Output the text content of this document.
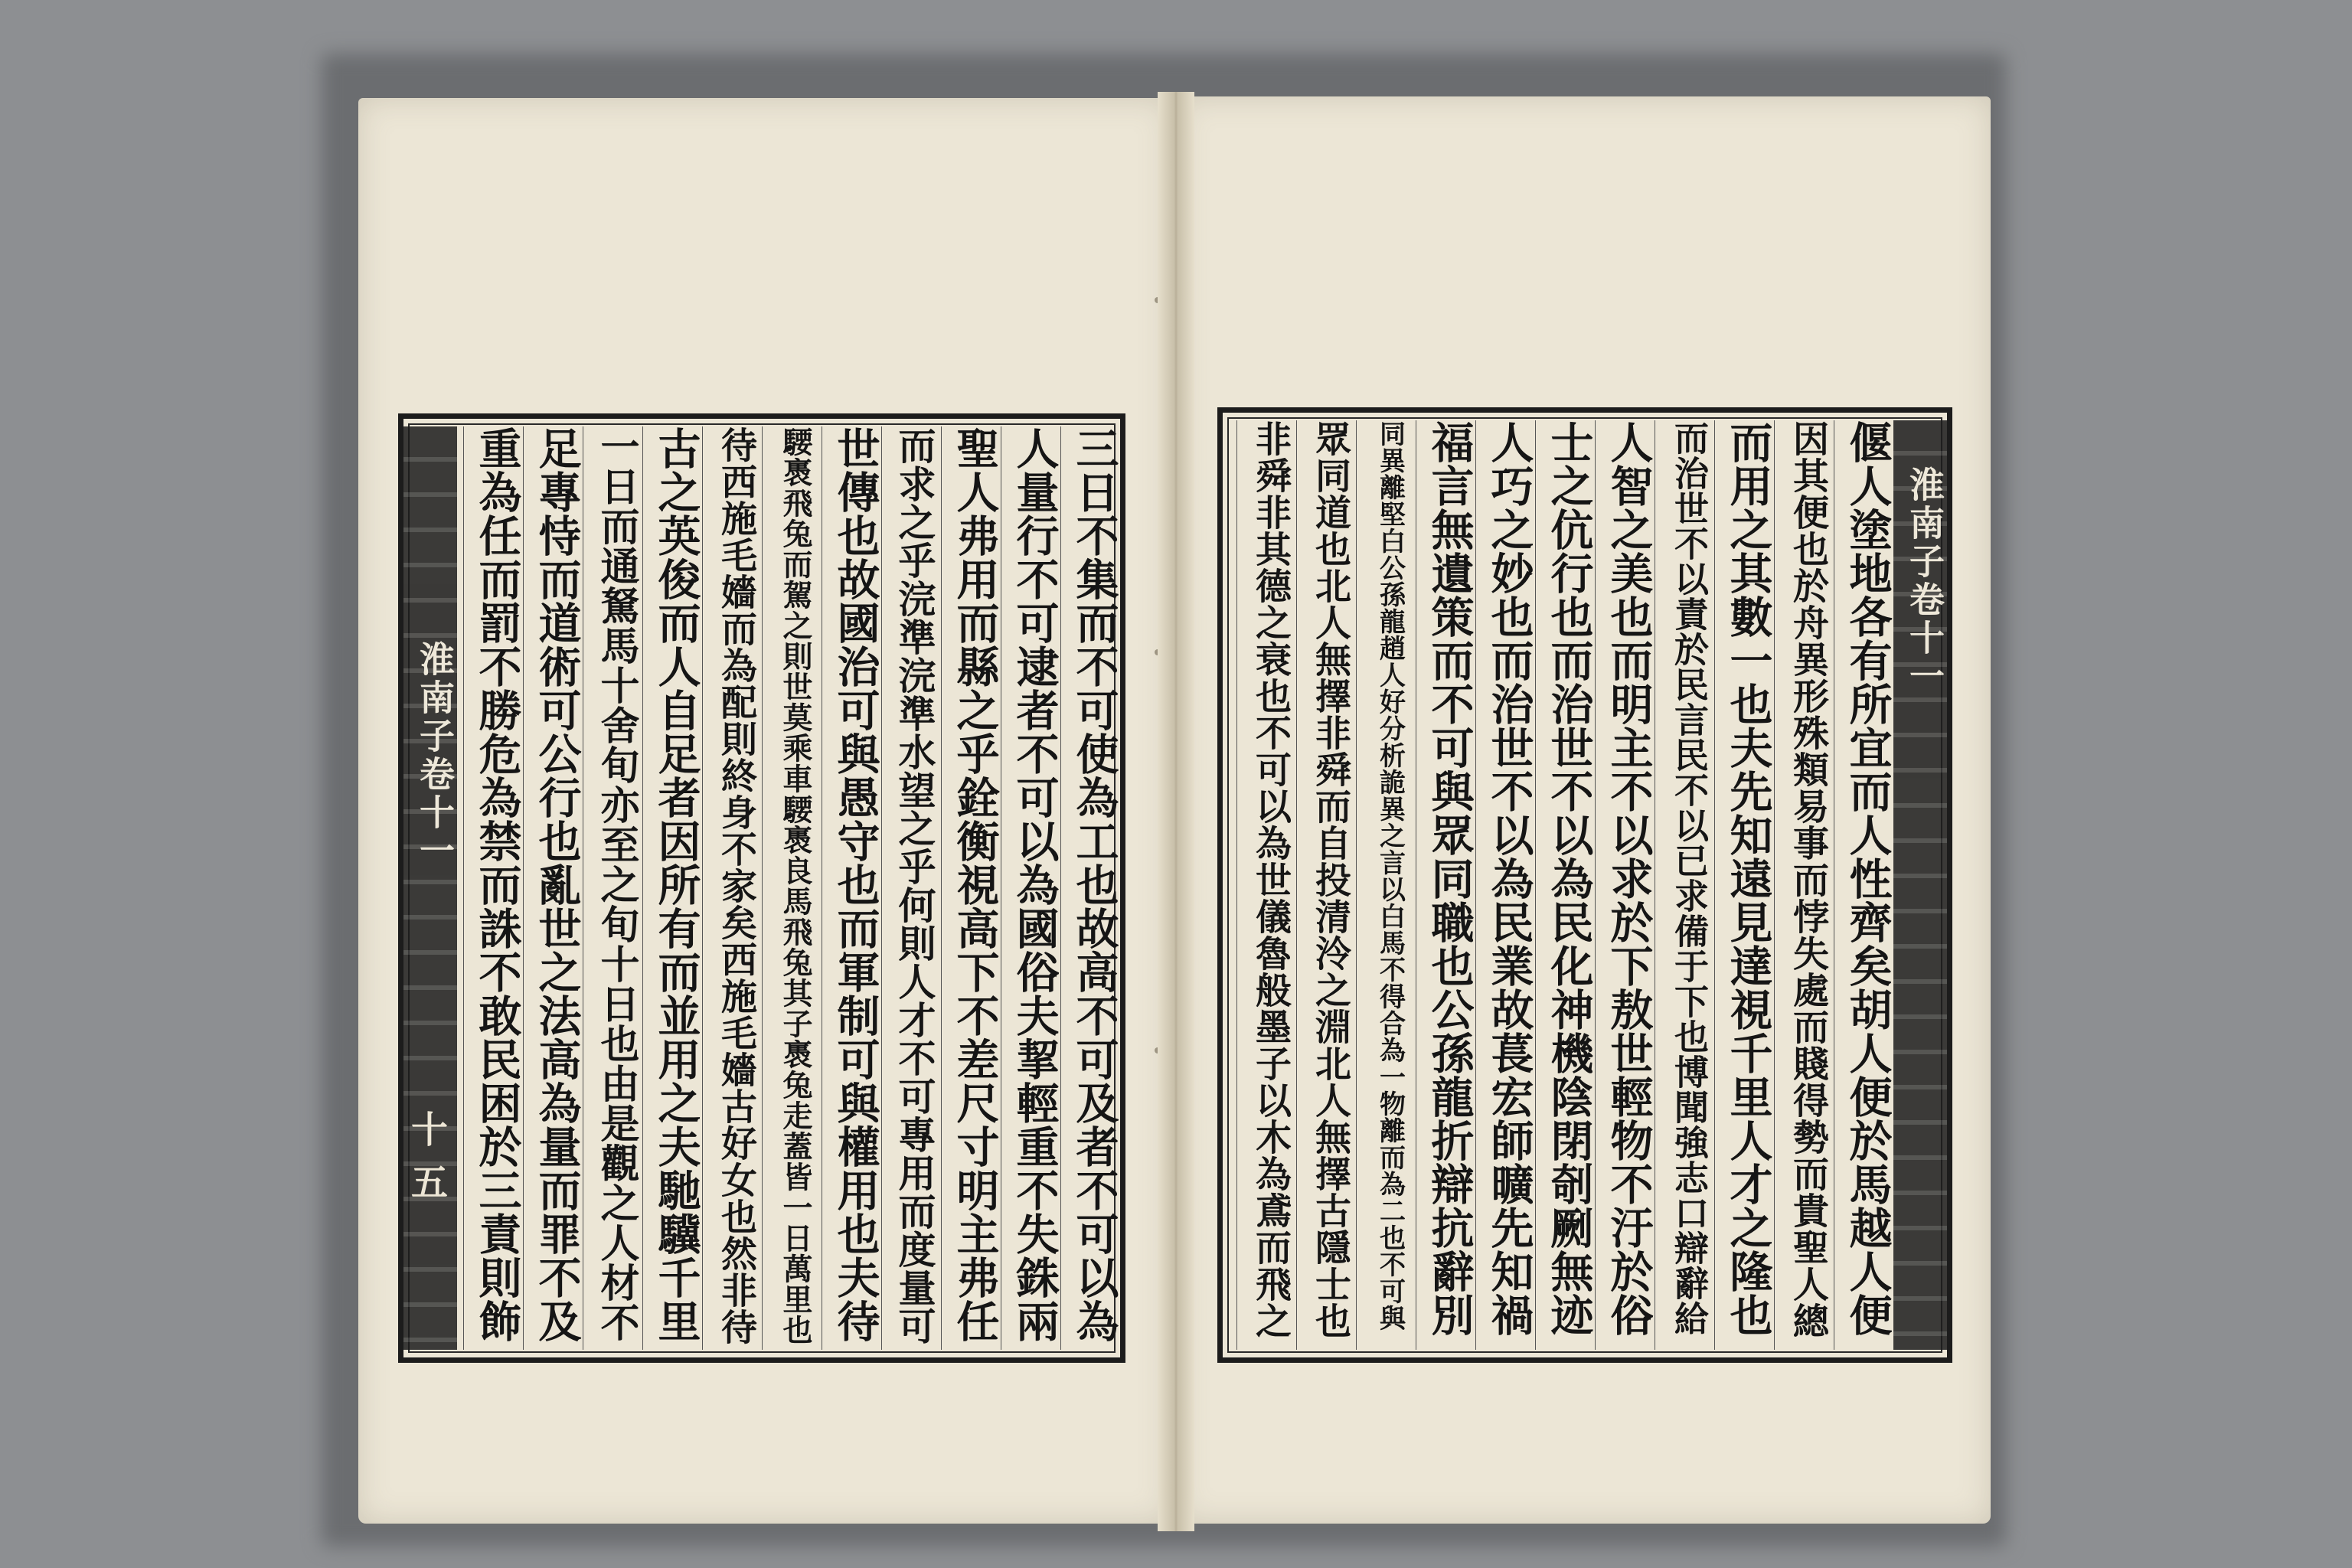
淮南子卷十一
十五
三
日
不
集
而
不
可
使
為
工
也
故
高
不
可
及
者
不
可
以
為
人
量
行
不
可
逮
者
不
可
以
為
國
俗
夫
挈
輕
重
不
失
銖
兩
聖
人
弗
用
而
縣
之
乎
銓
衡
視
高
下
不
差
尺
寸
明
主
弗
任
而
求
之
乎
浣
準
浣
準
水
望
之
乎
何
則
人
才
不
可
專
用
而
度
量
可
世
傳
也
故
國
治
可
與
愚
守
也
而
軍
制
可
與
權
用
也
夫
待
騕
褭
飛
兔
而
駕
之
則
世
莫
乘
車
騕
褭
良
馬
飛
兔
其
子
褭
兔
走
蓋
皆
一
日
萬
里
也
待
西
施
毛
嬙
而
為
配
則
終
身
不
家
矣
西
施
毛
嬙
古
好
女
也
然
非
待
古
之
英
俊
而
人
自
足
者
因
所
有
而
並
用
之
夫
馳
驥
千
里
一
日
而
通
駑
馬
十
舍
旬
亦
至
之
旬
十
日
也
由
是
觀
之
人
材
不
足
專
恃
而
道
術
可
公
行
也
亂
世
之
法
高
為
量
而
罪
不
及
重
為
任
而
罰
不
勝
危
為
禁
而
誅
不
敢
民
困
於
三
責
則
飾
偃
人
塗
地
各
有
所
宜
而
人
性
齊
矣
胡
人
便
於
馬
越
人
便
因
其
便
也
於
舟
異
形
殊
類
易
事
而
悖
失
處
而
賤
得
勢
而
貴
聖
人
總
而
用
之
其
數
一
也
夫
先
知
遠
見
達
視
千
里
人
才
之
隆
也
而
治
世
不
以
責
於
民
言
民
不
以
已
求
備
于
下
也
博
聞
強
志
口
辯
辭
給
人
智
之
美
也
而
明
主
不
以
求
於
下
敖
世
輕
物
不
汙
於
俗
士
之
伉
行
也
而
治
世
不
以
為
民
化
神
機
陰
閉
剞
劂
無
迹
人
巧
之
妙
也
而
治
世
不
以
為
民
業
故
萇
宏
師
曠
先
知
禍
福
言
無
遺
策
而
不
可
與
眾
同
職
也
公
孫
龍
折
辯
抗
辭
別
同
異
離
堅
白
公
孫
龍
趙
人
好
分
析
詭
異
之
言
以
白
馬
不
得
合
為
一
物
離
而
為
二
也
不
可
與
眾
同
道
也
北
人
無
擇
非
舜
而
自
投
清
泠
之
淵
北
人
無
擇
古
隱
士
也
非
舜
非
其
德
之
衰
也
不
可
以
為
世
儀
魯
般
墨
子
以
木
為
鳶
而
飛
之
淮南子卷十一
